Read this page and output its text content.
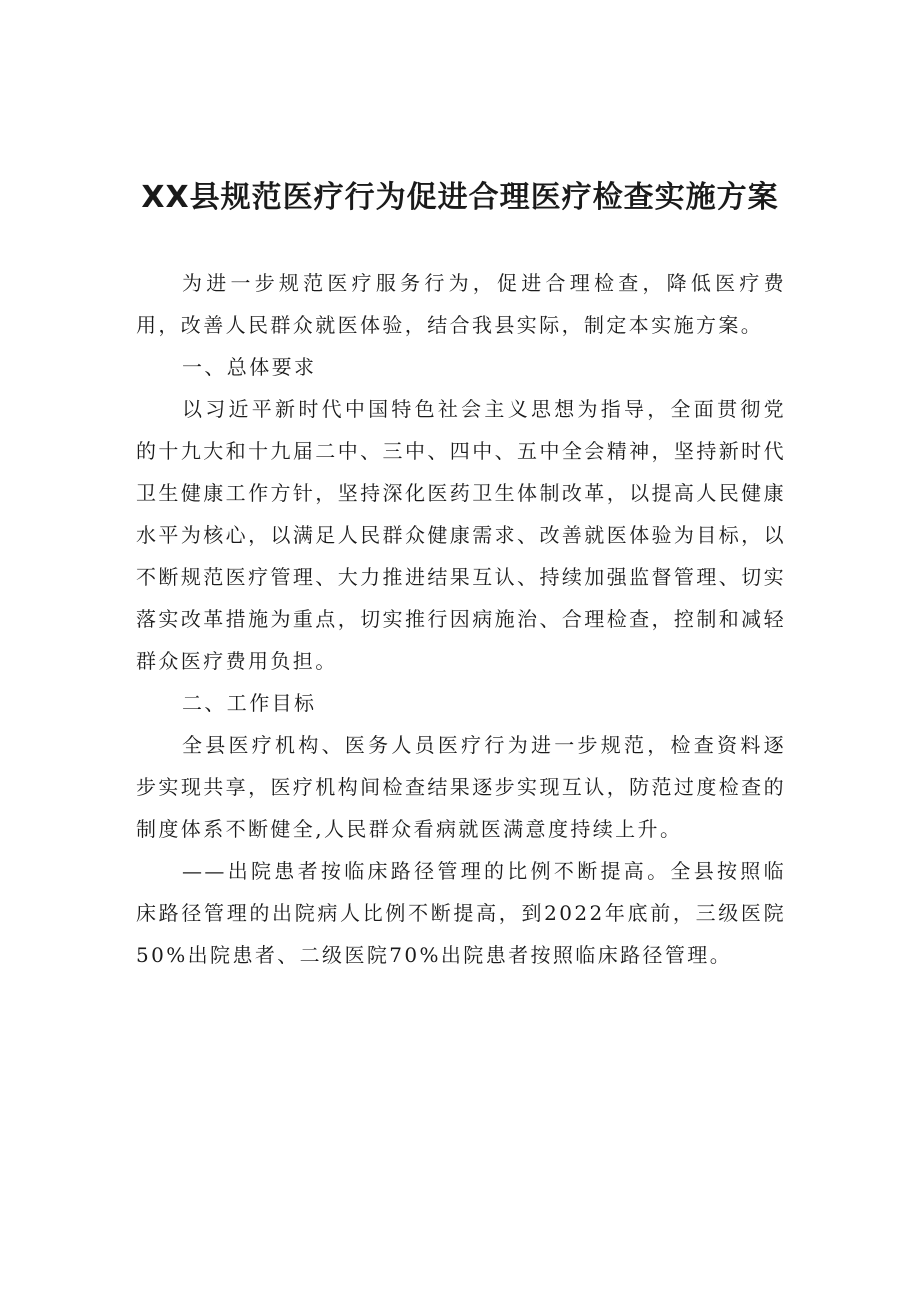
XX县规范医疗行为促进合理医疗检查实施方案

为进一步规范医疗服务行为，促进合理检查，降低医疗费用，改善人民群众就医体验，结合我县实际，制定本实施方案。

一、总体要求

以习近平新时代中国特色社会主义思想为指导，全面贯彻党的十九大和十九届二中、三中、四中、五中全会精神，坚持新时代卫生健康工作方针，坚持深化医药卫生体制改革，以提高人民健康水平为核心，以满足人民群众健康需求、改善就医体验为目标，以不断规范医疗管理、大力推进结果互认、持续加强监督管理、切实落实改革措施为重点，切实推行因病施治、合理检查，控制和减轻群众医疗费用负担。

二、工作目标

全县医疗机构、医务人员医疗行为进一步规范，检查资料逐步实现共享，医疗机构间检查结果逐步实现互认，防范过度检查的制度体系不断健全,人民群众看病就医满意度持续上升。

——出院患者按临床路径管理的比例不断提高。全县按照临床路径管理的出院病人比例不断提高，到2022年底前，三级医院50%出院患者、二级医院70%出院患者按照临床路径管理。
